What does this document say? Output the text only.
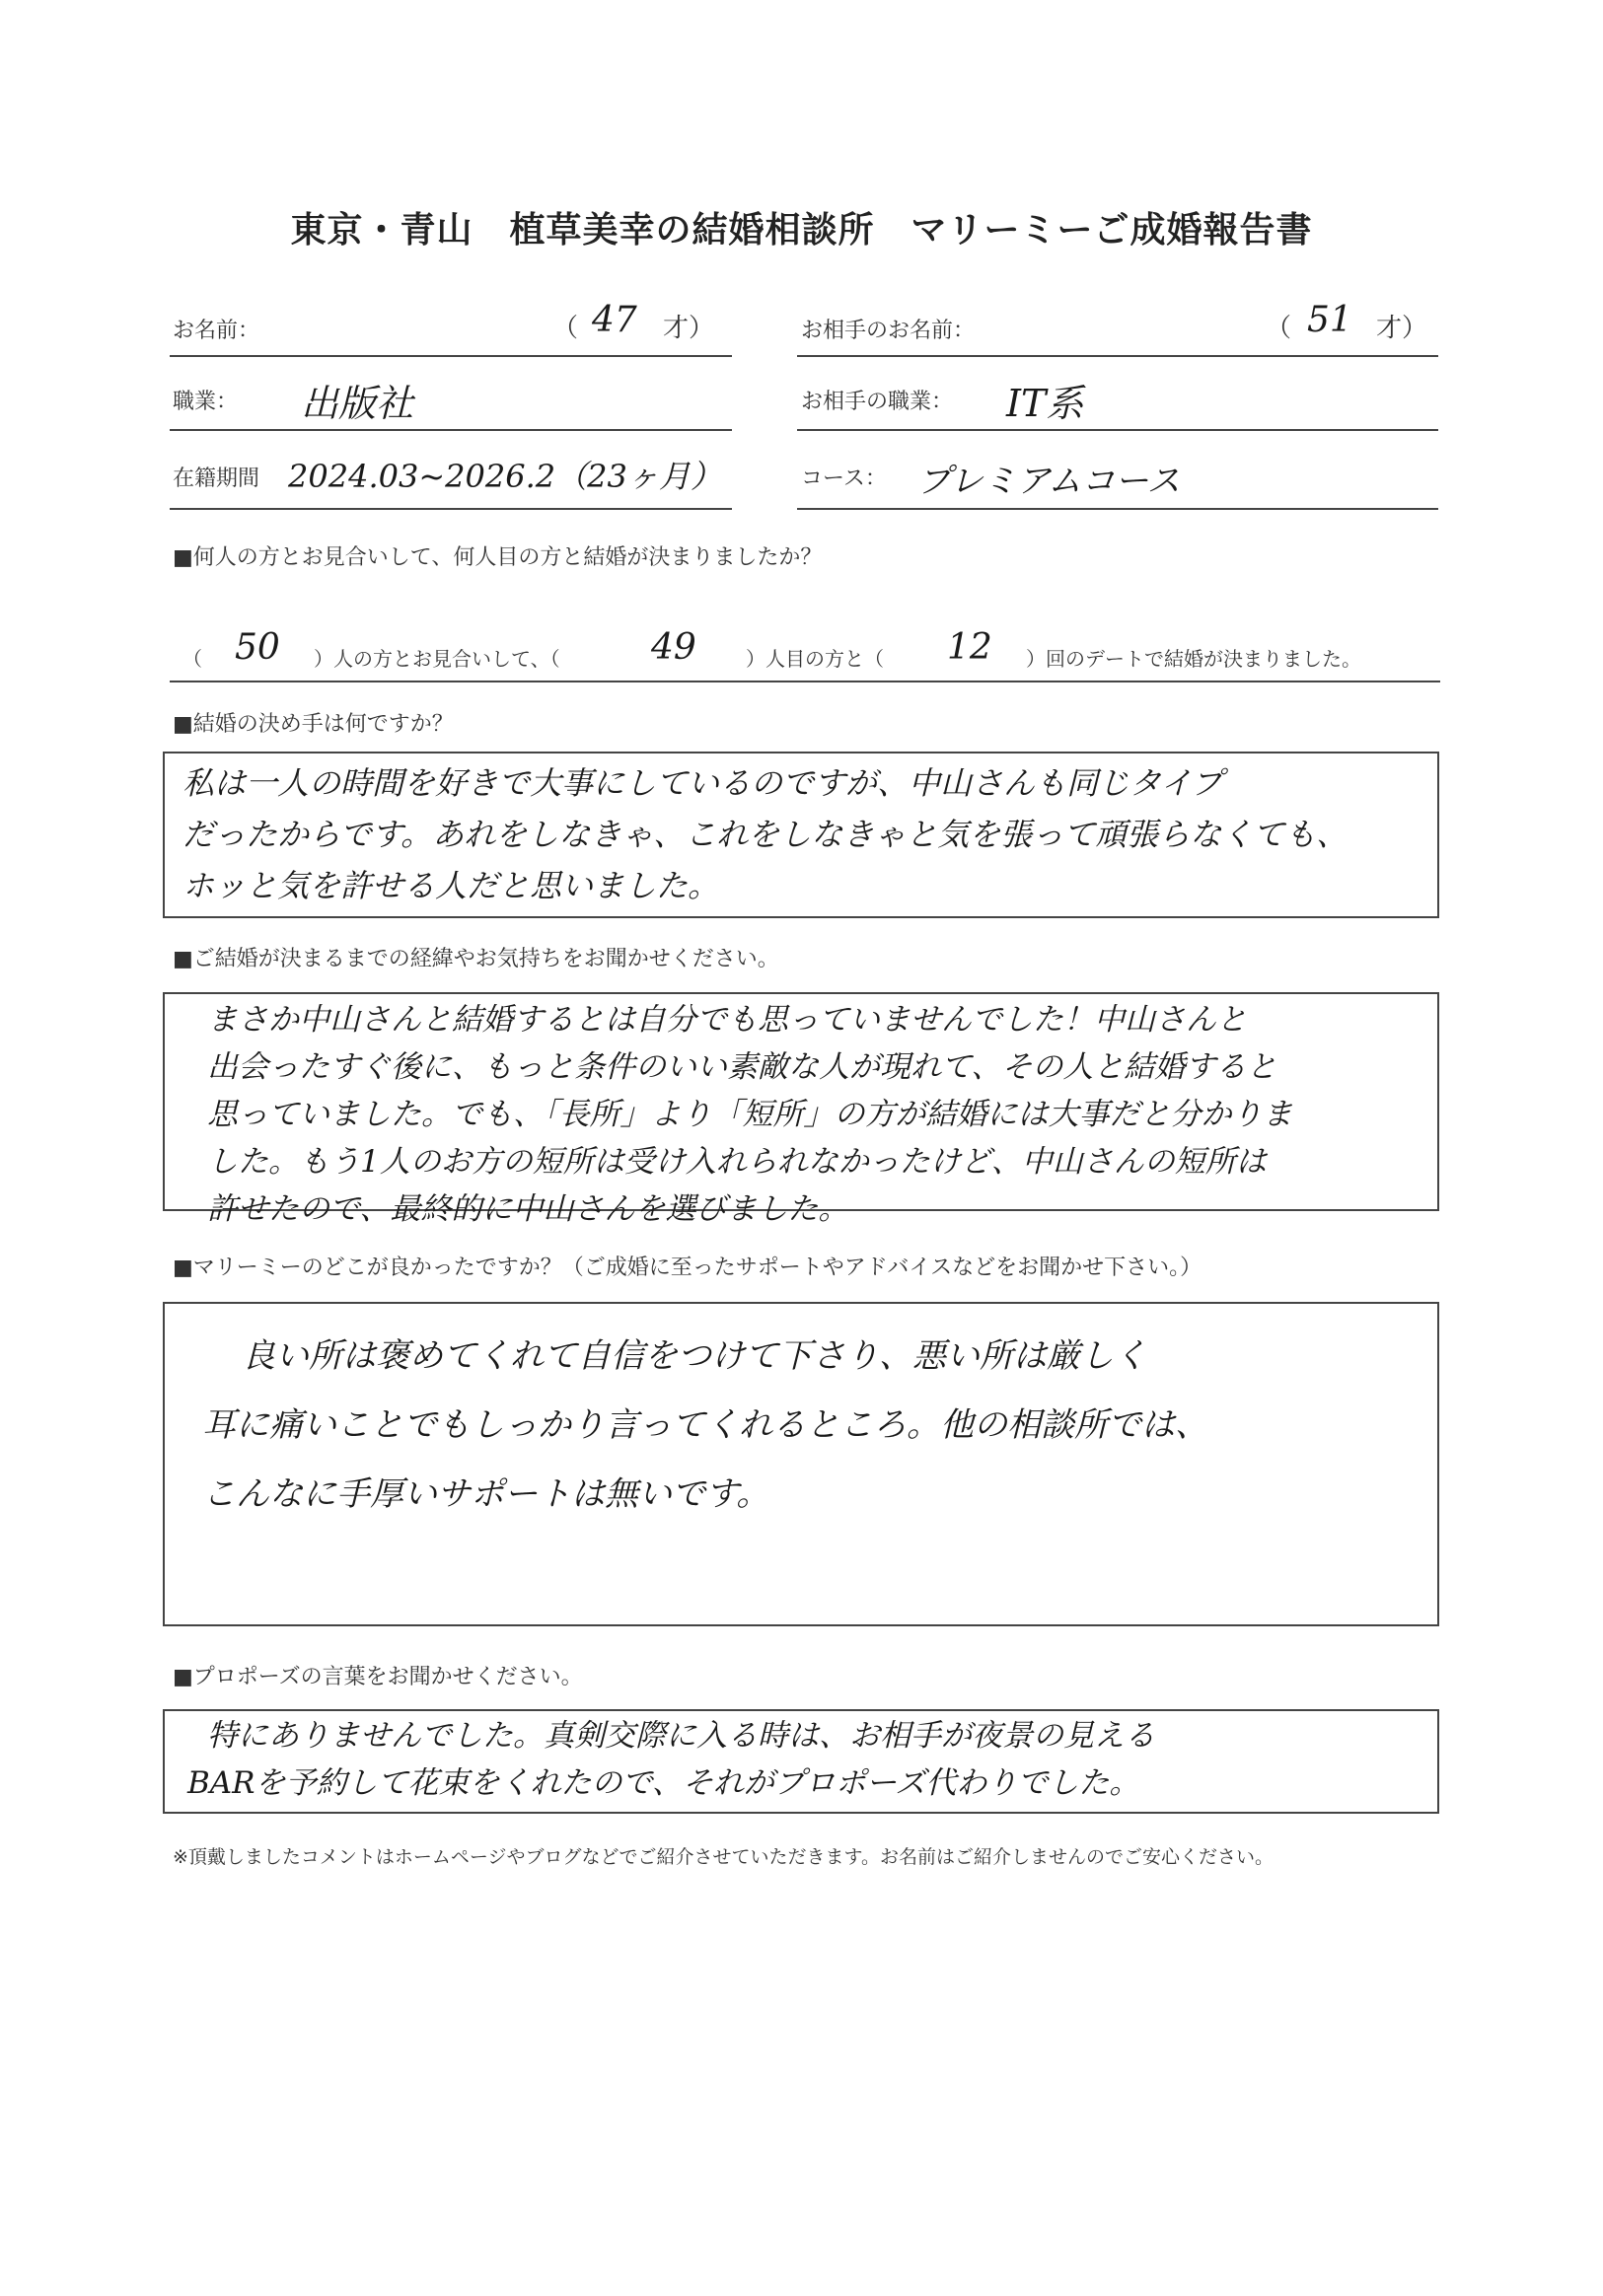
東京・青山　植草美幸の結婚相談所　マリーミーご成婚報告書
お名前：	（ 47 才）	お相手のお名前：	（ 51 才）
職業： 出版社	お相手の職業： IT系
在籍期間 2024.03~2026.2（23ヶ月）	コース： プレミアムコース
■何人の方とお見合いして、何人目の方と結婚が決まりましたか？
（ 50 ）人の方とお見合いして、（	49	）人目の方と（ 12 ）回のデートで結婚が決まりました。
■結婚の決め手は何ですか？
私は一人の時間を好きで大事にしているのですが、中山さんも同じタイプ
だったからです。あれをしなきゃ、これをしなきゃと気を張って頑張らなくても、
ホッと気を許せる人だと思いました。
■ご結婚が決まるまでの経緯やお気持ちをお聞かせください。
まさか中山さんと結婚するとは自分でも思っていませんでした！中山さんと
出会ったすぐ後に、もっと条件のいい素敵な人が現れて、その人と結婚すると
思っていました。でも、「長所」より「短所」の方が結婚には大事だと分かりま
した。もう1人のお方の短所は受け入れられなかったけど、中山さんの短所は
許せたので、最終的に中山さんを選びました。
■マリーミーのどこが良かったですか？（ご成婚に至ったサポートやアドバイスなどをお聞かせ下さい。）
良い所は褒めてくれて自信をつけて下さり、悪い所は厳しく
耳に痛いことでもしっかり言ってくれるところ。他の相談所では、
こんなに手厚いサポートは無いです。
■プロポーズの言葉をお聞かせください。
特にありませんでした。真剣交際に入る時は、お相手が夜景の見える
BARを予約して花束をくれたので、それがプロポーズ代わりでした。
※頂戴しましたコメントはホームページやブログなどでご紹介させていただきます。お名前はご紹介しませんのでご安心ください。
